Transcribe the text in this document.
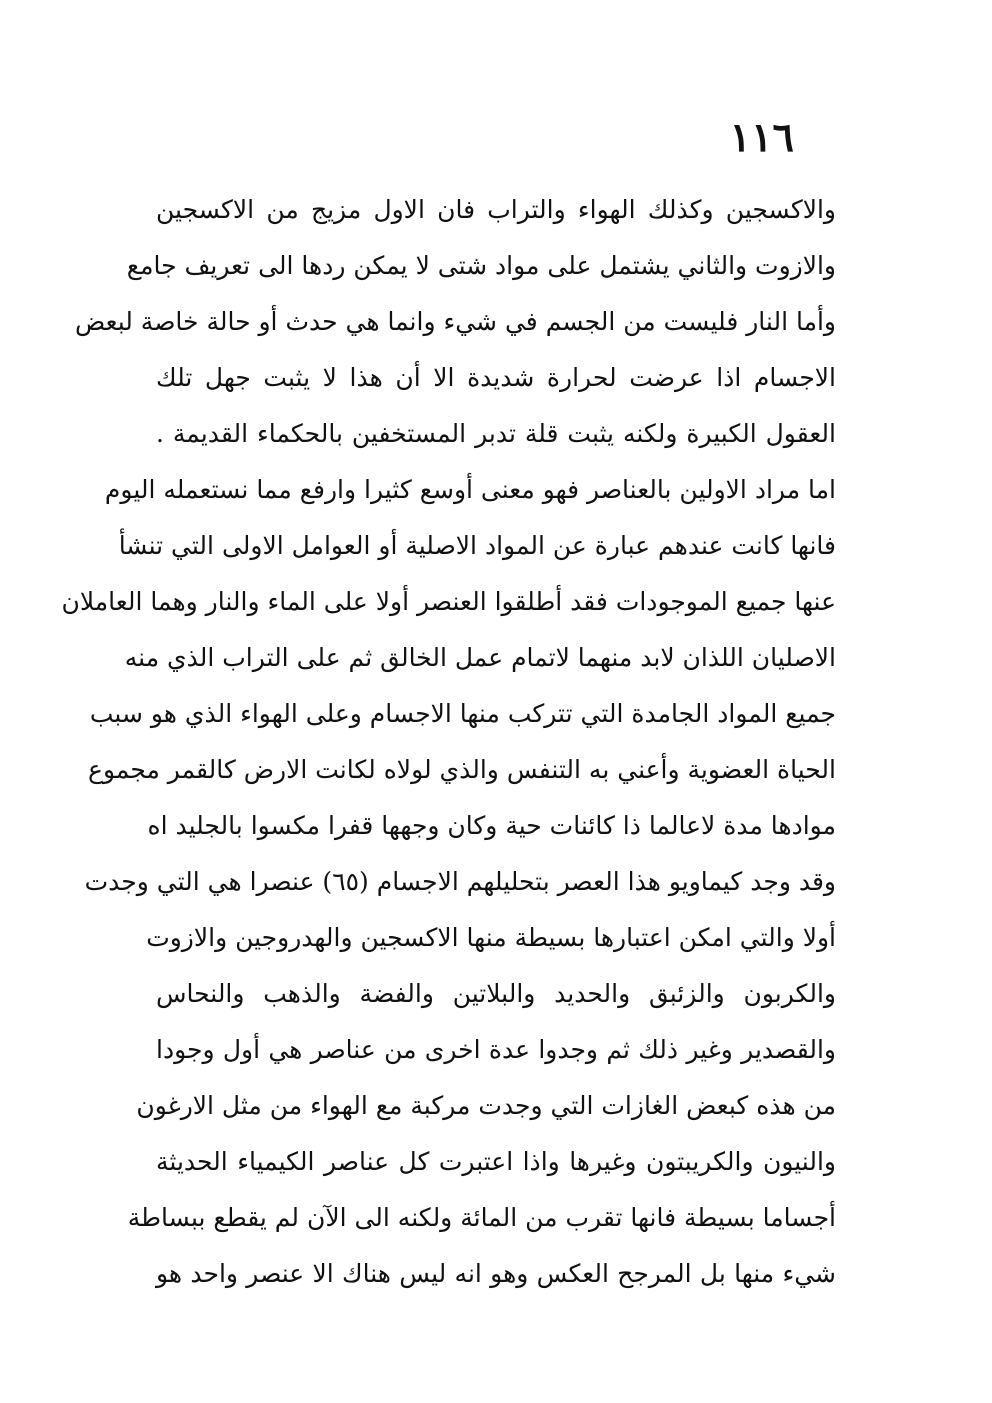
١١٦
والاكسجين وكذلك الهواء والتراب فان الاول مزيج من الاكسجين
والازوت والثاني يشتمل على مواد شتى لا يمكن ردها الى تعريف جامع
وأما النار فليست من الجسم في شيء وانما هي حدث أو حالة خاصة لبعض
الاجسام اذا عرضت لحرارة شديدة الا أن هذا لا يثبت جهل تلك
العقول الكبيرة ولكنه يثبت قلة تدبر المستخفين بالحكماء القديمة .
اما مراد الاولين بالعناصر فهو معنى أوسع كثيرا وارفع مما نستعمله اليوم
فانها كانت عندهم عبارة عن المواد الاصلية أو العوامل الاولى التي تنشأ
عنها جميع الموجودات فقد أطلقوا العنصر أولا على الماء والنار وهما العاملان
الاصليان اللذان لابد منهما لاتمام عمل الخالق ثم على التراب الذي منه
جميع المواد الجامدة التي تتركب منها الاجسام وعلى الهواء الذي هو سبب
الحياة العضوية وأعني به التنفس والذي لولاه لكانت الارض كالقمر مجموع
موادها مدة لاعالما ذا كائنات حية وكان وجهها قفرا مكسوا بالجليد اه
وقد وجد كيماويو هذا العصر بتحليلهم الاجسام (٦٥) عنصرا هي التي وجدت
أولا والتي امكن اعتبارها بسيطة منها الاكسجين والهدروجين والازوت
والكربون والزئبق والحديد والبلاتين والفضة والذهب والنحاس
والقصدير وغير ذلك ثم وجدوا عدة اخرى من عناصر هي أول وجودا
من هذه كبعض الغازات التي وجدت مركبة مع الهواء من مثل الارغون
والنيون والكريبتون وغيرها واذا اعتبرت كل عناصر الكيمياء الحديثة
أجساما بسيطة فانها تقرب من المائة ولكنه الى الآن لم يقطع ببساطة
شيء منها بل المرجح العكس وهو انه ليس هناك الا عنصر واحد هو
